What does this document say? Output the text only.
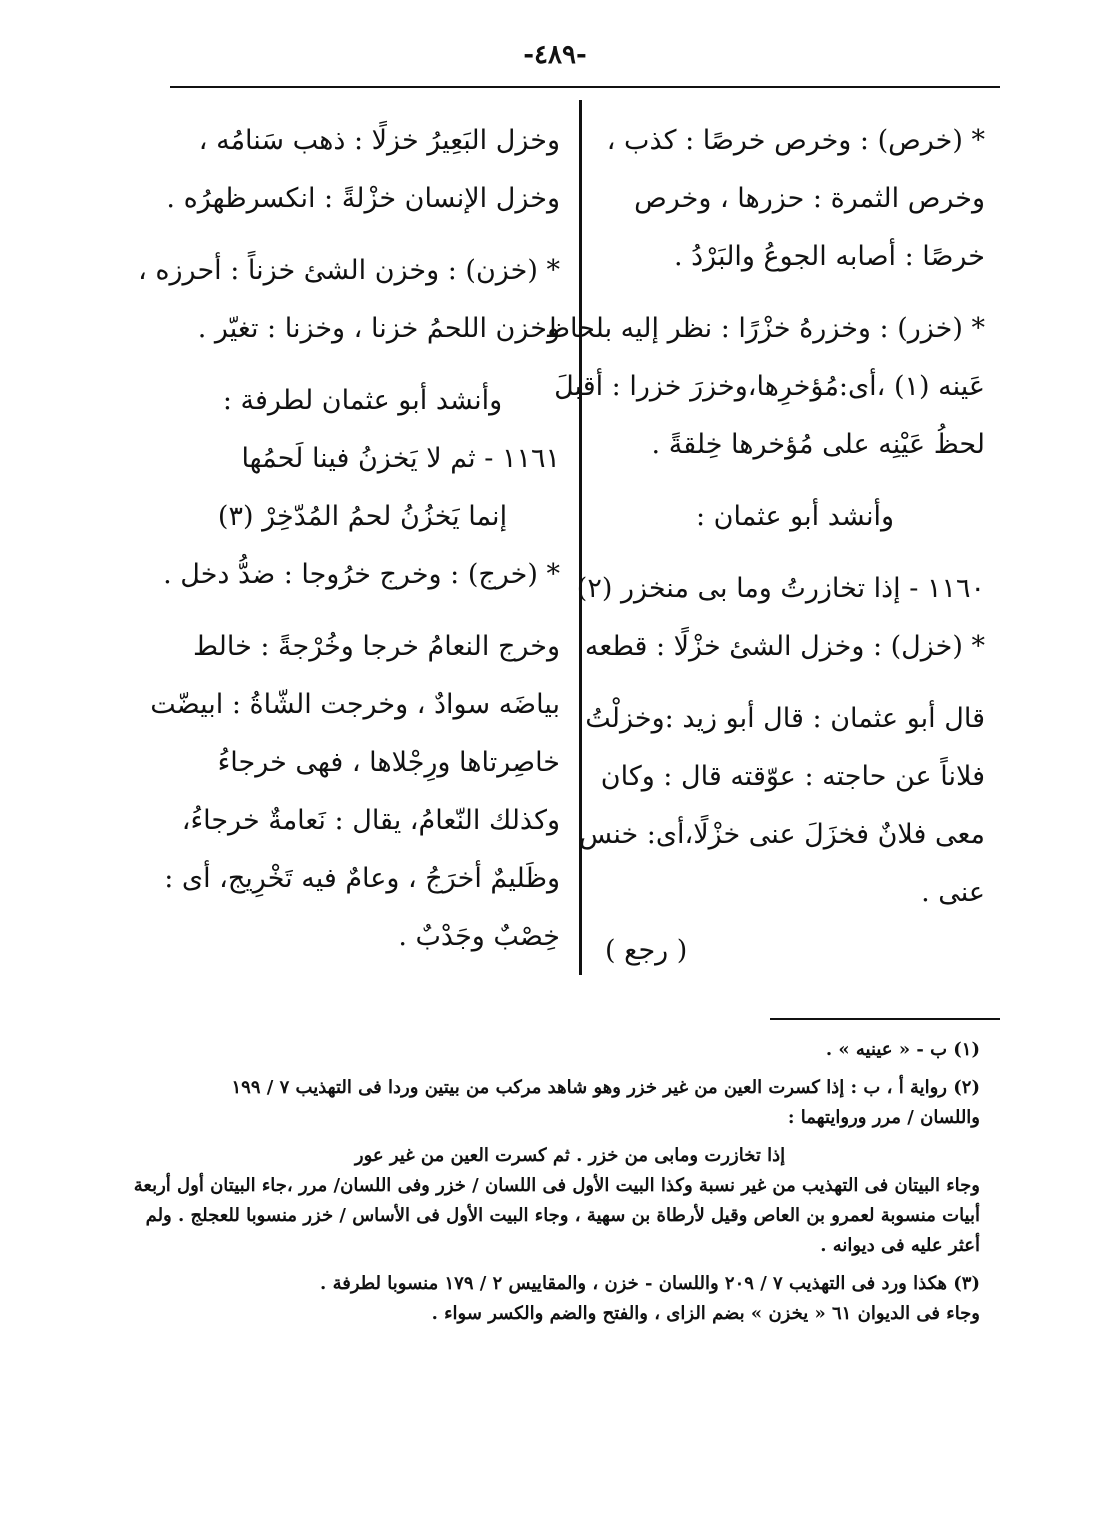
-٤٨٩-
* (خرص) : وخرص خرصًا : كذب ،
وخرص الثمرة : حزرها ، وخرص
خرصًا : أصابه الجوعُ والبَرْدُ .
* (خزر) : وخزرهُ خزْرًا : نظر إليه بلحاظ
عَينه (١) ،أى:مُؤخرِها،وخزرَ خزرا : أقبلَ
لحظُ عَيْنِه على مُؤخرها خِلقةً .
وأنشد أبو عثمان :
١١٦٠ - إذا تخازرتُ وما بى منخزر (٢)
* (خزل) : وخزل الشئ خزْلًا : قطعه
قال أبو عثمان : قال أبو زيد :وخزلْتُ
فلاناً عن حاجته : عوّقته قال : وكان
معى فلانٌ فخزَلَ عنى خزْلًا،أى: خنس
عنى .
( رجع )
وخزل البَعِيرُ خزلًا : ذهب سَنامُه ،
وخزل الإنسان خزْلةً : انكسرظهرُه .
* (خزن) : وخزن الشئ خزناً : أحرزه ،
وخزن اللحمُ خزنا ، وخزنا : تغيّر .
وأنشد أبو عثمان لطرفة :
١١٦١ - ثم لا يَخزنُ فينا لَحمُها
إنما يَخزُنُ لحمُ المُدّخِرْ (٣)
* (خرج) : وخرج خرُوجا : ضدُّ دخل .
وخرج النعامُ خرجا وخُرْجةً : خالط
بياضَه سوادٌ ، وخرجت الشّاةُ : ابيضّت
خاصِرتاها ورِجْلاها ، فهى خرجاءُ
وكذلك النّعامُ، يقال : نَعامةٌ خرجاءُ،
وظَليمٌ أخرَجُ ، وعامٌ فيه تَخْرِيج، أى :
خِصْبٌ وجَدْبٌ .
(١) ب - « عينيه » .
(٢) رواية أ ، ب : إذا كسرت العين من غير خزر وهو شاهد مركب من بيتين وردا فى التهذيب ٧ / ١٩٩
واللسان / مرر وروايتهما :
إذا تخازرت ومابى من خزر . ثم كسرت العين من غير عور
وجاء البيتان فى التهذيب من غير نسبة وكذا البيت الأول فى اللسان / خزر وفى اللسان/ مرر ،جاء البيتان أول أربعة
أبيات منسوبة لعمرو بن العاص وقيل لأرطاة بن سهية ، وجاء البيت الأول فى الأساس / خزر منسوبا للعجلج . ولم
أعثر عليه فى ديوانه .
(٣) هكذا ورد فى التهذيب ٧ / ٢٠٩ واللسان - خزن ، والمقاييس ٢ / ١٧٩ منسوبا لطرفة .
وجاء فى الديوان ٦١ « يخزن » بضم الزاى ، والفتح والضم والكسر سواء .
